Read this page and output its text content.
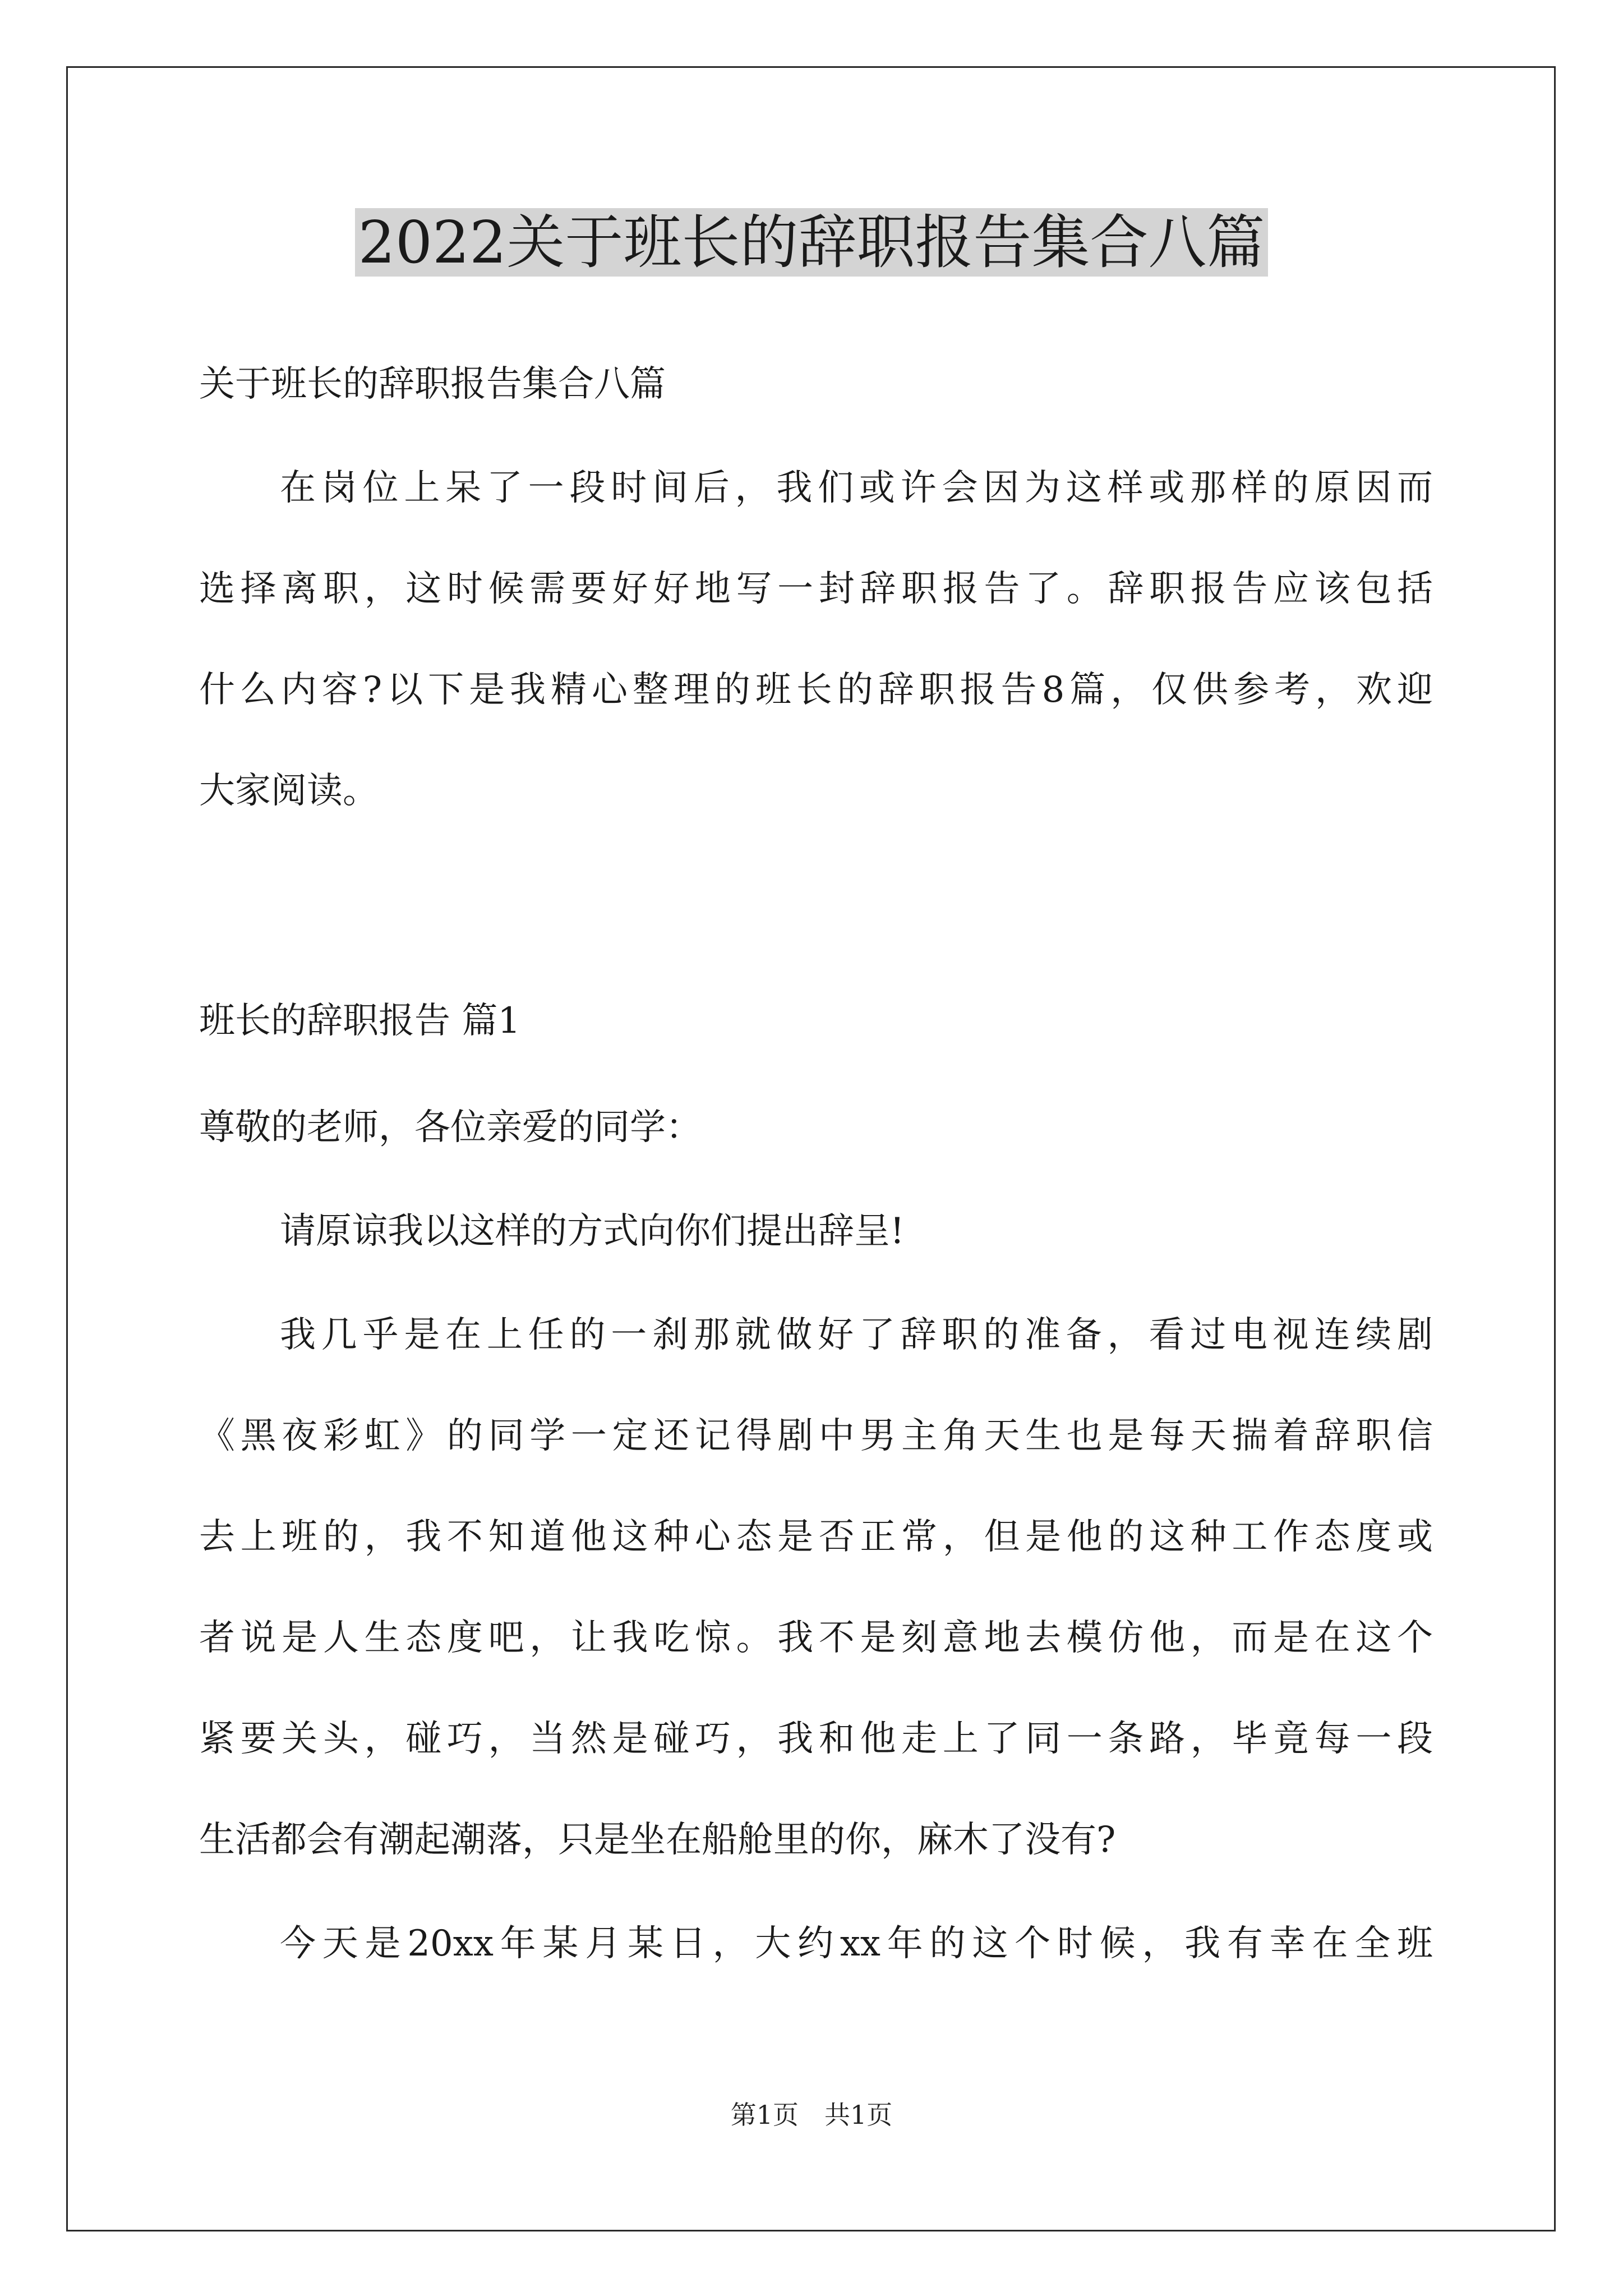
2022关于班长的辞职报告集合八篇
关于班长的辞职报告集合八篇
在岗位上呆了一段时间后，我们或许会因为这样或那样的原因而
选择离职，这时候需要好好地写一封辞职报告了。辞职报告应该包括
什么内容?以下是我精心整理的班长的辞职报告8篇，仅供参考，欢迎
大家阅读。
班长的辞职报告 篇1
尊敬的老师，各位亲爱的同学：
请原谅我以这样的方式向你们提出辞呈!
我几乎是在上任的一刹那就做好了辞职的准备，看过电视连续剧
《黑夜彩虹》的同学一定还记得剧中男主角天生也是每天揣着辞职信
去上班的，我不知道他这种心态是否正常，但是他的这种工作态度或
者说是人生态度吧，让我吃惊。我不是刻意地去模仿他，而是在这个
紧要关头，碰巧，当然是碰巧，我和他走上了同一条路，毕竟每一段
生活都会有潮起潮落，只是坐在船舱里的你，麻木了没有?
今天是20xx年某月某日，大约xx年的这个时候，我有幸在全班
第1页　共1页
